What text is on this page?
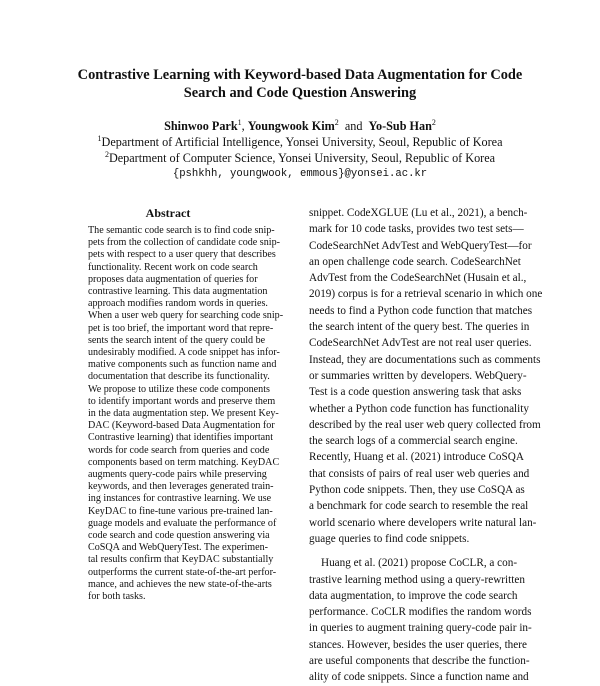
Contrastive Learning with Keyword-based Data Augmentation for Code
Search and Code Question Answering
Shinwoo Park$^1$, Youngwook Kim$^2$ and Yo-Sub Han$^2$
$^1$Department of Artificial Intelligence, Yonsei University, Seoul, Republic of Korea
$^2$Department of Computer Science, Yonsei University, Seoul, Republic of Korea
{pshkhh, youngwook, emmous}@yonsei.ac.kr
Abstract
The semantic code search is to find code snip-
pets from the collection of candidate code snip-
pets with respect to a user query that describes
functionality. Recent work on code search
proposes data augmentation of queries for
contrastive learning. This data augmentation
approach modifies random words in queries.
When a user web query for searching code snip-
pet is too brief, the important word that repre-
sents the search intent of the query could be
undesirably modified. A code snippet has infor-
mative components such as function name and
documentation that describe its functionality.
We propose to utilize these code components
to identify important words and preserve them
in the data augmentation step. We present Key-
DAC (Keyword-based Data Augmentation for
Contrastive learning) that identifies important
words for code search from queries and code
components based on term matching. KeyDAC
augments query-code pairs while preserving
keywords, and then leverages generated train-
ing instances for contrastive learning. We use
KeyDAC to fine-tune various pre-trained lan-
guage models and evaluate the performance of
code search and code question answering via
CoSQA and WebQueryTest. The experimen-
tal results confirm that KeyDAC substantially
outperforms the current state-of-the-art perfor-
mance, and achieves the new state-of-the-arts
for both tasks.
snippet. CodeXGLUE (Lu et al., 2021), a bench-
mark for 10 code tasks, provides two test sets—
CodeSearchNet AdvTest and WebQueryTest—for
an open challenge code search. CodeSearchNet
AdvTest from the CodeSearchNet (Husain et al.,
2019) corpus is for a retrieval scenario in which one
needs to find a Python code function that matches
the search intent of the query best. The queries in
CodeSearchNet AdvTest are not real user queries.
Instead, they are documentations such as comments
or summaries written by developers. WebQuery-
Test is a code question answering task that asks
whether a Python code function has functionality
described by the real user web query collected from
the search logs of a commercial search engine.
Recently, Huang et al. (2021) introduce CoSQA
that consists of pairs of real user web queries and
Python code snippets. Then, they use CoSQA as
a benchmark for code search to resemble the real
world scenario where developers write natural lan-
guage queries to find code snippets.
Huang et al. (2021) propose CoCLR, a con-
trastive learning method using a query-rewritten
data augmentation, to improve the code search
performance. CoCLR modifies the random words
in queries to augment training query-code pair in-
stances. However, besides the user queries, there
are useful components that describe the function-
ality of code snippets. Since a function name and
